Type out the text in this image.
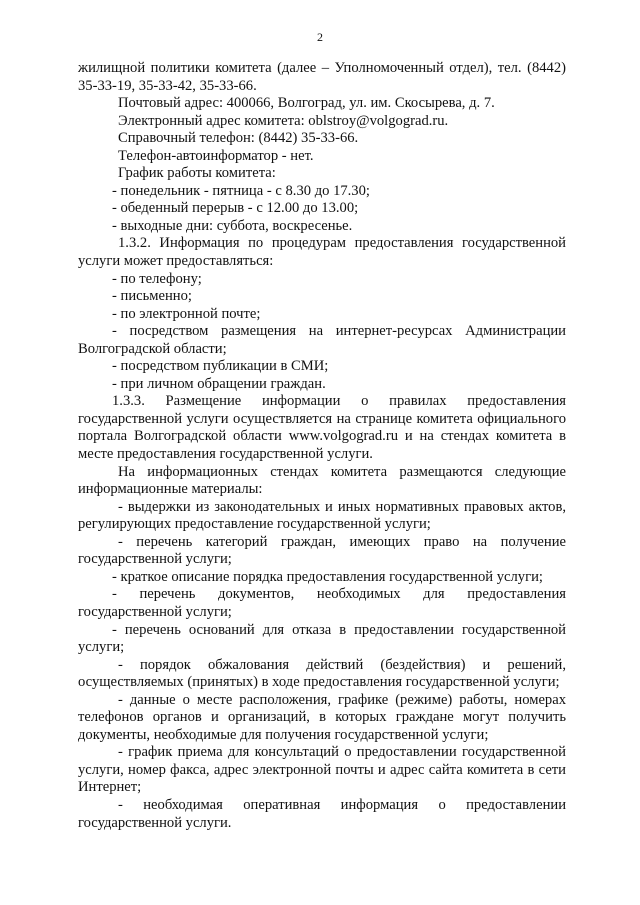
2

жилищной политики комитета (далее – Уполномоченный отдел), тел. (8442) 35-33-19, 35-33-42, 35-33-66.

Почтовый адрес: 400066, Волгоград, ул. им. Скосырева, д. 7.

Электронный адрес комитета: oblstroy@volgograd.ru.

Справочный телефон: (8442) 35-33-66.

Телефон-автоинформатор - нет.

График работы комитета:

- понедельник - пятница - с 8.30 до 17.30;

- обеденный перерыв - с 12.00 до 13.00;

- выходные дни: суббота, воскресенье.

1.3.2. Информация по процедурам предоставления государственной услуги может предоставляться:

- по телефону;

- письменно;

- по электронной почте;

- посредством размещения на интернет-ресурсах Администрации Волгоградской области;

- посредством публикации в СМИ;

- при личном обращении граждан.

1.3.3. Размещение информации о правилах предоставления государственной услуги осуществляется на странице комитета официального портала Волгоградской области www.volgograd.ru и на стендах комитета в месте предоставления государственной услуги.

На информационных стендах комитета размещаются следующие информационные материалы:

- выдержки из законодательных и иных нормативных правовых актов, регулирующих предоставление государственной услуги;

- перечень категорий граждан, имеющих право на получение государственной услуги;

- краткое описание порядка предоставления государственной услуги;

- перечень документов, необходимых для предоставления государственной услуги;

- перечень оснований для отказа в предоставлении государственной услуги;

- порядок обжалования действий (бездействия) и решений, осуществляемых (принятых) в ходе предоставления государственной услуги;

- данные о месте расположения, графике (режиме) работы, номерах телефонов органов и организаций, в которых граждане могут получить документы, необходимые для получения государственной услуги;

- график приема для консультаций о предоставлении государственной услуги, номер факса, адрес электронной почты и адрес сайта комитета в сети Интернет;

- необходимая оперативная информация о предоставлении государственной услуги.
